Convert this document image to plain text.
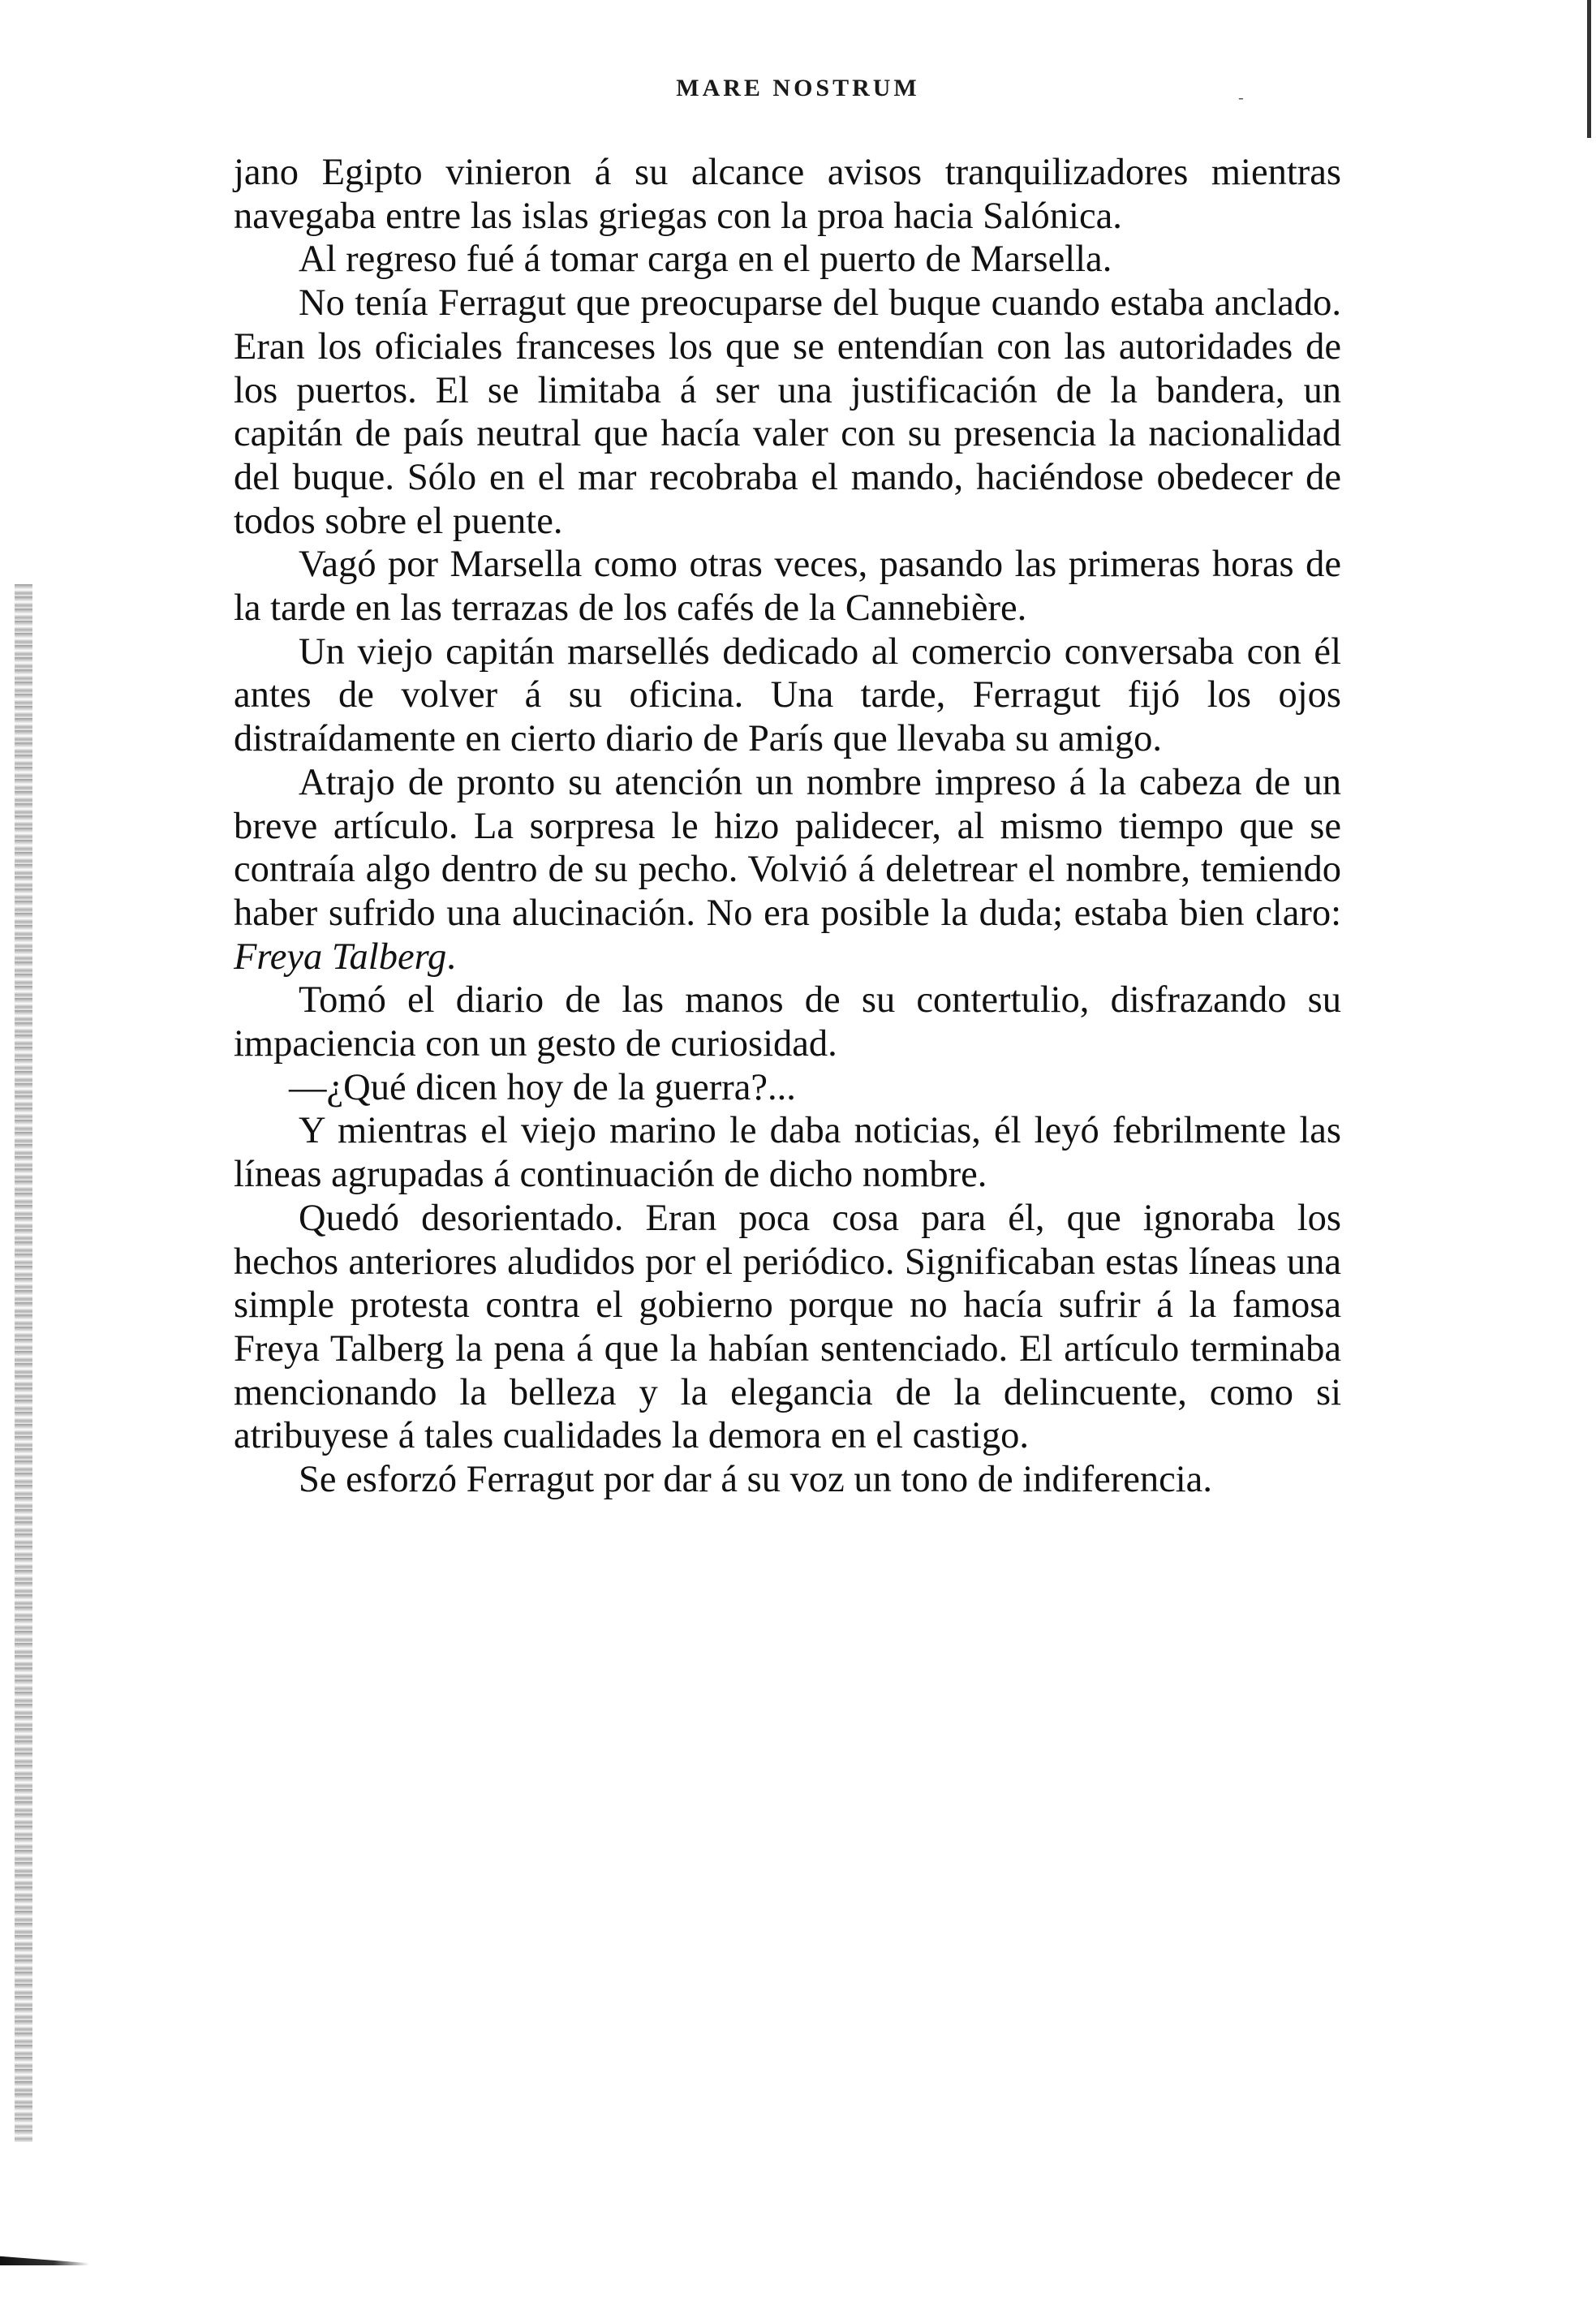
MARE NOSTRUM	-

jano Egipto vinieron á su alcance avisos tranquilizadores mientras navegaba entre las islas griegas con la proa hacia Salónica.

Al regreso fué á tomar carga en el puerto de Marsella.

No tenía Ferragut que preocuparse del buque cuando estaba anclado. Eran los oficiales franceses los que se entendían con las autoridades de los puertos. El se limitaba á ser una justificación de la bandera, un capitán de país neutral que hacía valer con su presencia la nacionalidad del buque. Sólo en el mar recobraba el mando, haciéndose obedecer de todos sobre el puente.

Vagó por Marsella como otras veces, pasando las primeras horas de la tarde en las terrazas de los cafés de la Cannebière.

Un viejo capitán marsellés dedicado al comercio conversaba con él antes de volver á su oficina. Una tarde, Ferragut fijó los ojos distraídamente en cierto diario de París que llevaba su amigo.

Atrajo de pronto su atención un nombre impreso á la cabeza de un breve artículo. La sorpresa le hizo palidecer, al mismo tiempo que se contraía algo dentro de su pecho. Volvió á deletrear el nombre, temiendo haber sufrido una alucinación. No era posible la duda; estaba bien claro: Freya Talberg.

Tomó el diario de las manos de su contertulio, disfrazando su impaciencia con un gesto de curiosidad.

—¿Qué dicen hoy de la guerra?...

Y mientras el viejo marino le daba noticias, él leyó febrilmente las líneas agrupadas á continuación de dicho nombre.

Quedó desorientado. Eran poca cosa para él, que ignoraba los hechos anteriores aludidos por el periódico. Significaban estas líneas una simple protesta contra el gobierno porque no hacía sufrir á la famosa Freya Talberg la pena á que la habían sentenciado. El artículo terminaba mencionando la belleza y la elegancia de la delincuente, como si atribuyese á tales cualidades la demora en el castigo.

Se esforzó Ferragut por dar á su voz un tono de indiferencia.
